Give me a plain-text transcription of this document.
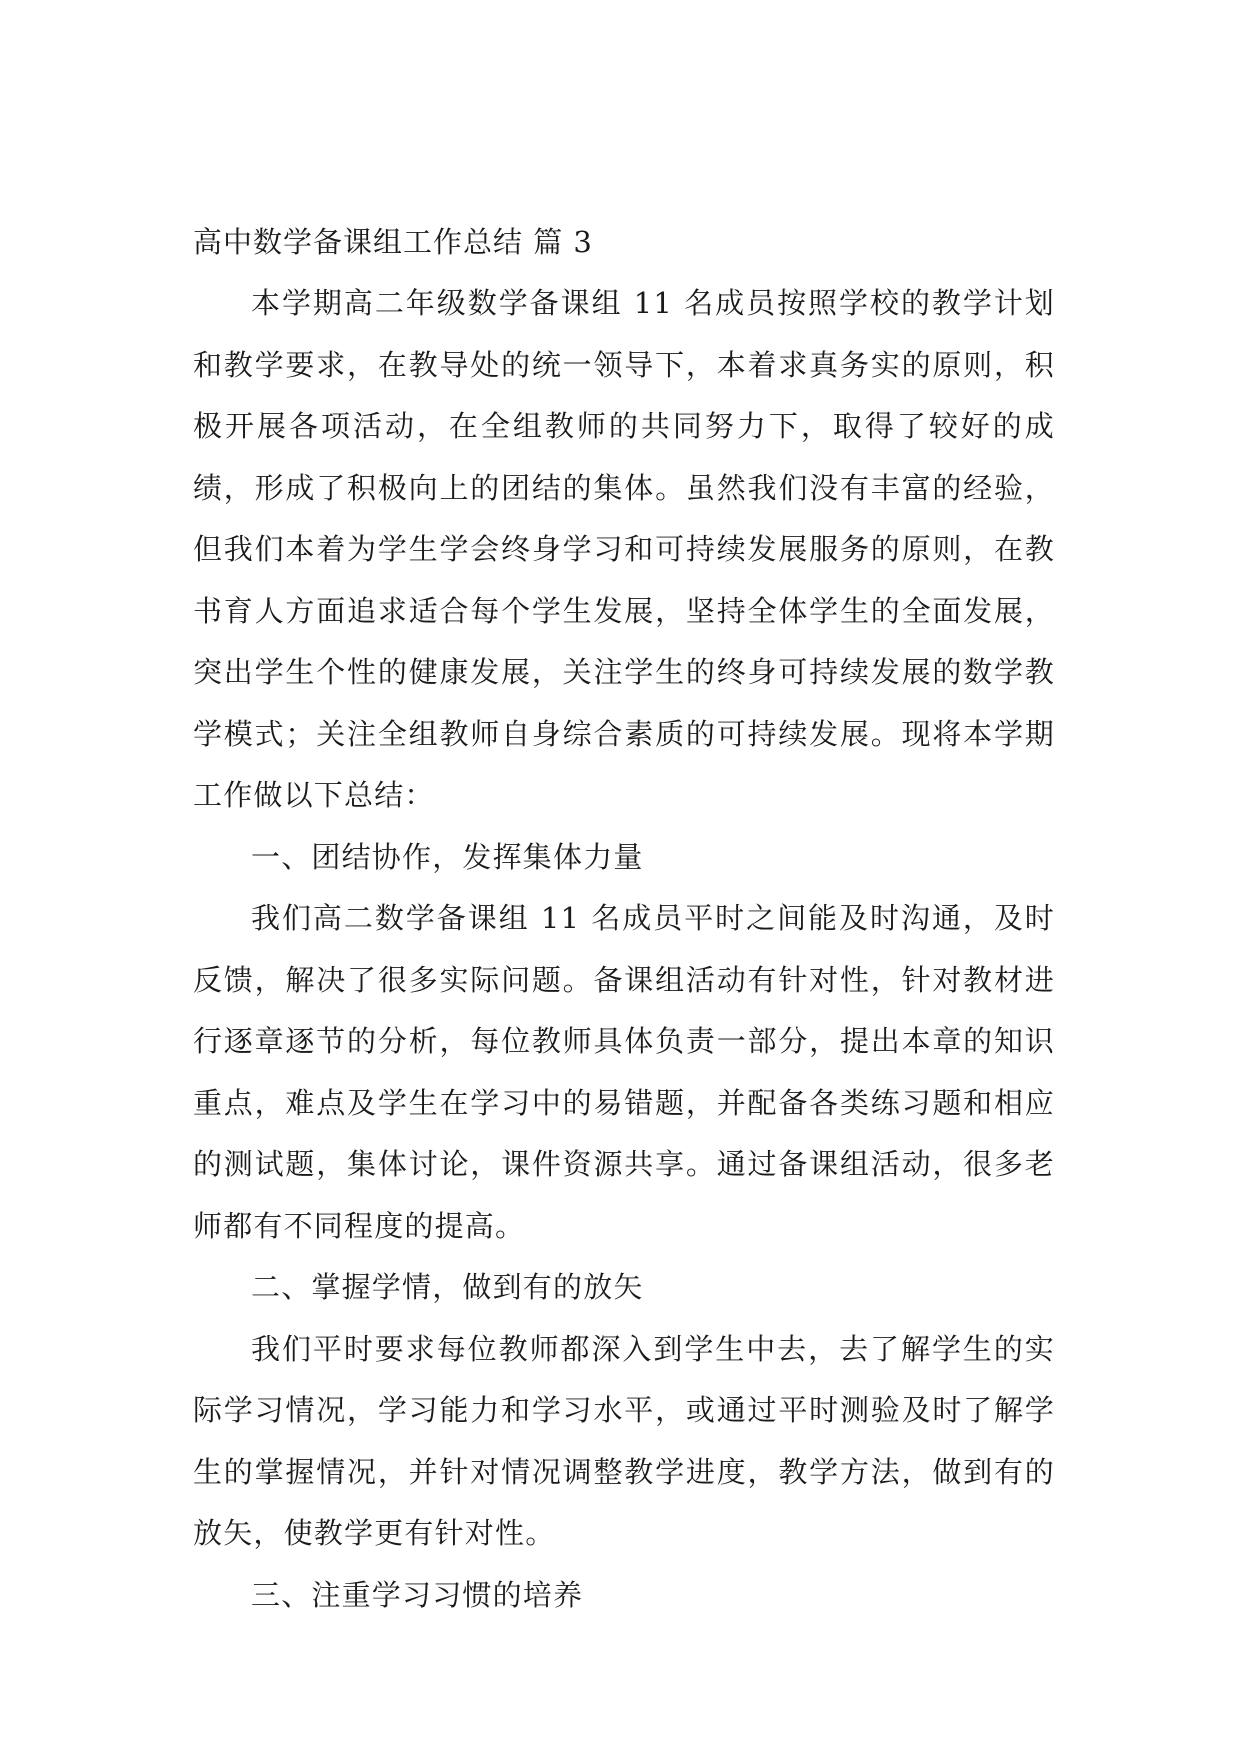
高中数学备课组工作总结 篇 3

本学期高二年级数学备课组 11 名成员按照学校的教学计划和教学要求，在教导处的统一领导下，本着求真务实的原则，积极开展各项活动，在全组教师的共同努力下，取得了较好的成绩，形成了积极向上的团结的集体。虽然我们没有丰富的经验，但我们本着为学生学会终身学习和可持续发展服务的原则，在教书育人方面追求适合每个学生发展，坚持全体学生的全面发展，突出学生个性的健康发展，关注学生的终身可持续发展的数学教学模式；关注全组教师自身综合素质的可持续发展。现将本学期工作做以下总结：

一、团结协作，发挥集体力量

我们高二数学备课组 11 名成员平时之间能及时沟通，及时反馈，解决了很多实际问题。备课组活动有针对性，针对教材进行逐章逐节的分析，每位教师具体负责一部分，提出本章的知识重点，难点及学生在学习中的易错题，并配备各类练习题和相应的测试题，集体讨论，课件资源共享。通过备课组活动，很多老师都有不同程度的提高。

二、掌握学情，做到有的放矢

我们平时要求每位教师都深入到学生中去，去了解学生的实际学习情况，学习能力和学习水平，或通过平时测验及时了解学生的掌握情况，并针对情况调整教学进度，教学方法，做到有的放矢，使教学更有针对性。

三、注重学习习惯的培养
